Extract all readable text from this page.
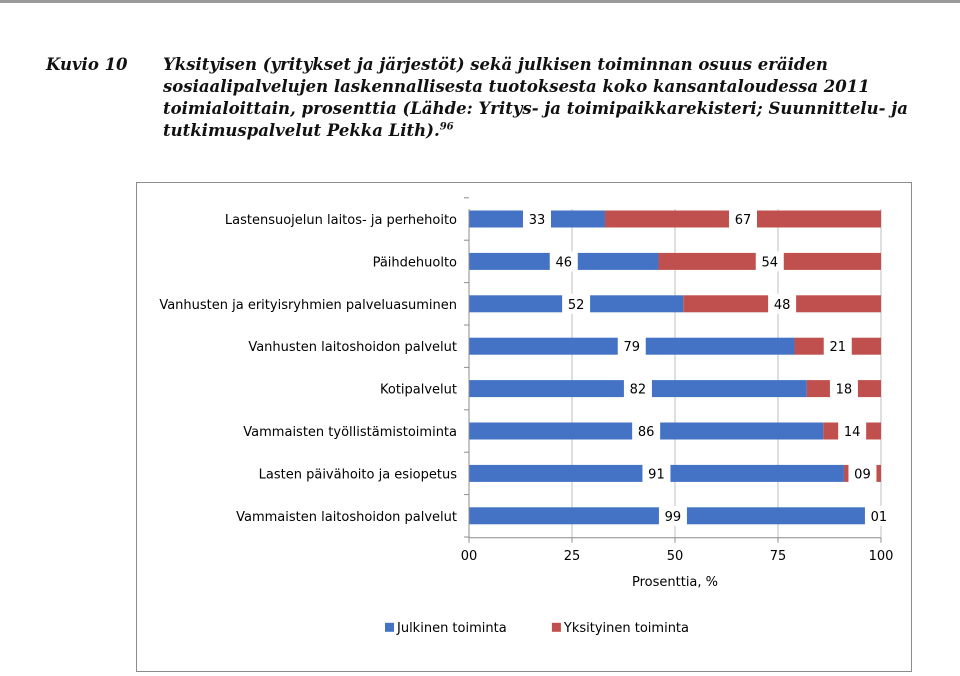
Kuvio 10 Yksityisen (yritykset ja järjestöt) sekä julkisen toiminnan osuus eräiden sosiaalipalvelujen laskennallisesta tuotoksesta koko kansantaloudessa 2011 toimialoittain, prosenttia (Lähde: Yritys- ja toimipaikkarekisteri; Suunnittelu- ja tutkimuspalvelut Pekka Lith).$^{96}$
33	67
46	54
52	48
79	21
82	18
86	14
91	09
99	01
Lastensuojelun laitos- ja perhehoito
Päihdehuolto
Vanhusten ja erityisryhmien palveluasuminen
Vanhusten laitoshoidon palvelut
Kotipalvelut
Vammaisten työllistämistoiminta
Lasten päivähoito ja esiopetus
Vammaisten laitoshoidon palvelut
00	25	50	75	100
Prosenttia, %
Julkinen toiminta	Yksityinen toiminta
